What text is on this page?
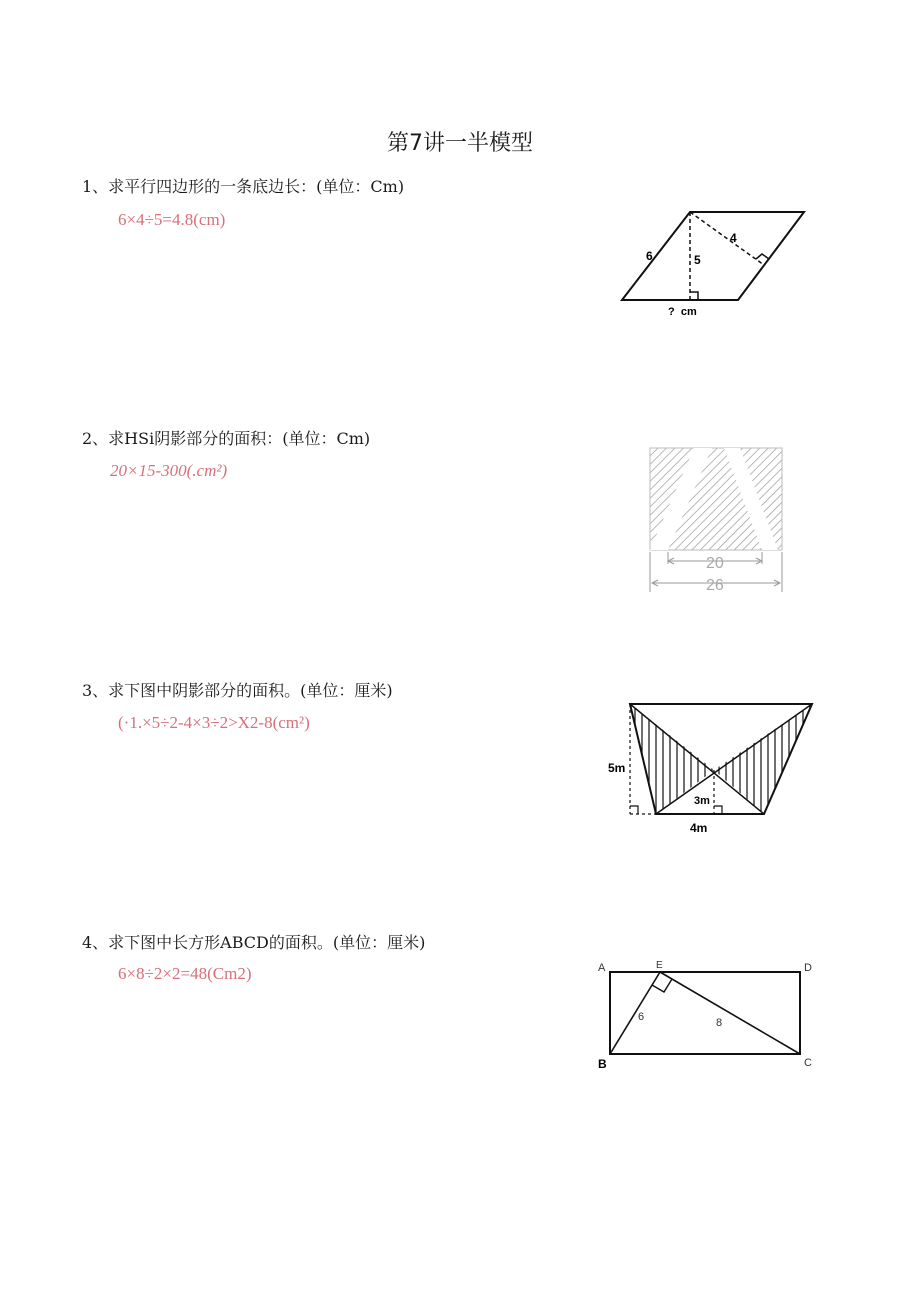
第7讲一半模型
1、求平行四边形的一条底边长：(单位：Cm)
6×4÷5=4.8(cm)
6	5
4
?  cm
2、求HSi阴影部分的面积：(单位：Cm)
20×15-300(.cm²)
20
26
3、求下图中阴影部分的面积。(单位：厘米)
(·1.×5÷2-4×3÷2>X2-8(cm²)
5m
3m
4m
4、求下图中长方形ABCD的面积。(单位：厘米)
6×8÷2×2=48(Cm2)	A
B	C
D
E
6	8
